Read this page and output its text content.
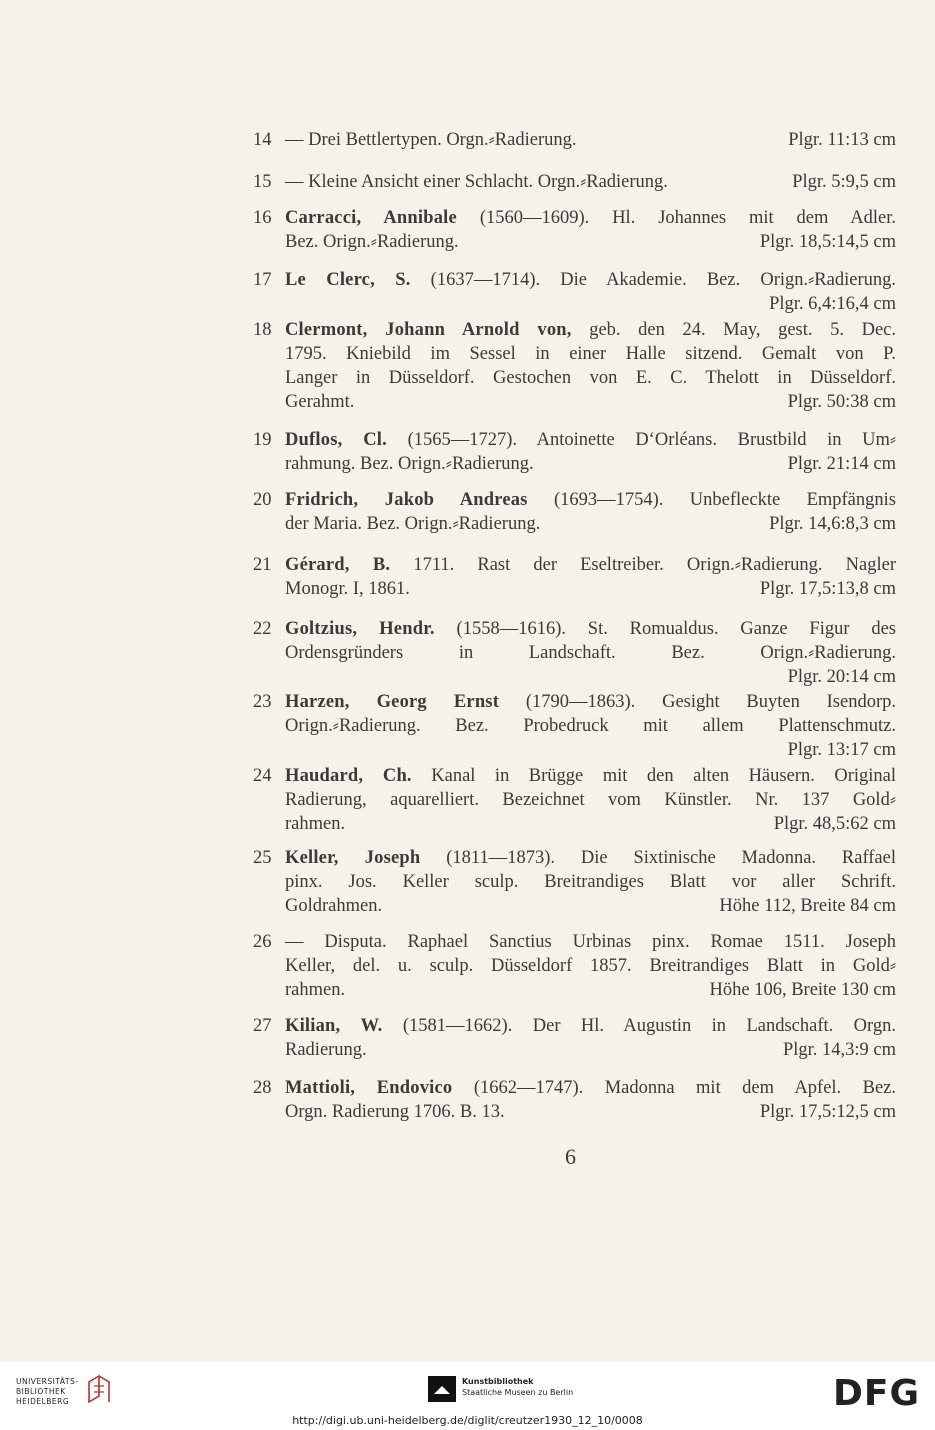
14 — Drei Bettlertypen. Orgn.⸗Radierung.	Plgr. 11:13 cm
15 — Kleine Ansicht einer Schlacht. Orgn.⸗Radierung.	Plgr. 5:9,5 cm
16 Carracci, Annibale (1560—1609). Hl. Johannes mit dem Adler.
Bez. Orign.⸗Radierung.	Plgr. 18,5:14,5 cm
17 Le Clerc, S. (1637—1714). Die Akademie. Bez. Orign.⸗Radierung.
Plgr. 6,4:16,4 cm
18 Clermont, Johann Arnold von, geb. den 24. May, gest. 5. Dec.
1795. Kniebild im Sessel in einer Halle sitzend. Gemalt von P.
Langer in Düsseldorf. Gestochen von E. C. Thelott in Düsseldorf.
Gerahmt.	Plgr. 50:38 cm
19 Duflos, Cl. (1565—1727). Antoinette D‘Orléans. Brustbild in Um⸗
rahmung. Bez. Orign.⸗Radierung.	Plgr. 21:14 cm
20 Fridrich, Jakob Andreas (1693—1754). Unbefleckte Empfängnis
der Maria. Bez. Orign.⸗Radierung.	Plgr. 14,6:8,3 cm
21 Gérard, B. 1711. Rast der Eseltreiber. Orign.⸗Radierung. Nagler
Monogr. I, 1861.	Plgr. 17,5:13,8 cm
22 Goltzius, Hendr. (1558—1616). St. Romualdus. Ganze Figur des
Ordensgründers in Landschaft. Bez. Orign.⸗Radierung.
Plgr. 20:14 cm
23 Harzen, Georg Ernst (1790—1863). Gesight Buyten Isendorp.
Orign.⸗Radierung. Bez. Probedruck mit allem Plattenschmutz.
Plgr. 13:17 cm
24 Haudard, Ch. Kanal in Brügge mit den alten Häusern. Original
Radierung, aquarelliert. Bezeichnet vom Künstler. Nr. 137 Gold⸗
rahmen.	Plgr. 48,5:62 cm
25 Keller, Joseph (1811—1873). Die Sixtinische Madonna. Raffael
pinx. Jos. Keller sculp. Breitrandiges Blatt vor aller Schrift.
Goldrahmen.	Höhe 112, Breite 84 cm
26 — Disputa. Raphael Sanctius Urbinas pinx. Romae 1511. Joseph
Keller, del. u. sculp. Düsseldorf 1857. Breitrandiges Blatt in Gold⸗
rahmen.	Höhe 106, Breite 130 cm
27 Kilian, W. (1581—1662). Der Hl. Augustin in Landschaft. Orgn.
Radierung.	Plgr. 14,3:9 cm
28 Mattioli, Endovico (1662—1747). Madonna mit dem Apfel. Bez.
Orgn. Radierung 1706. B. 13.	Plgr. 17,5:12,5 cm
6
UNIVERSITÄTS-
BIBLIOTHEK
HEIDELBERG
Kunstbibliothek
Staatliche Museen zu Berlin	DFG
http://digi.ub.uni-heidelberg.de/diglit/creutzer1930_12_10/0008
